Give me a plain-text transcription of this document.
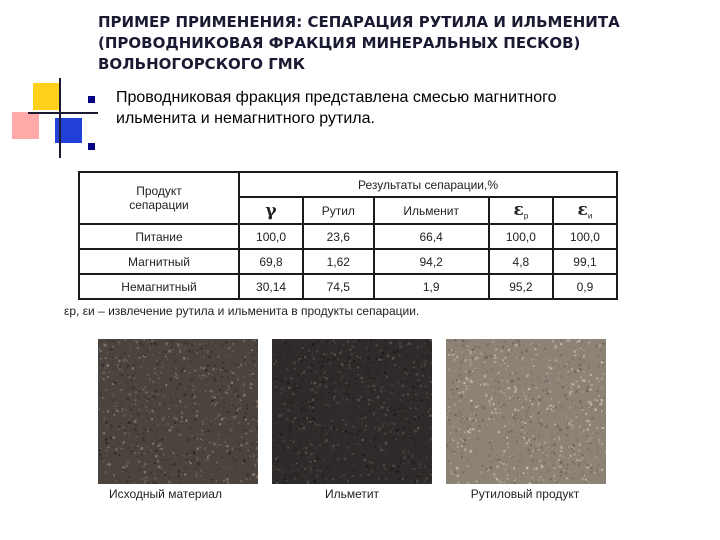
ПРИМЕР ПРИМЕНЕНИЯ: СЕПАРАЦИЯ РУТИЛА И ИЛЬМЕНИТА
(ПРОВОДНИКОВАЯ ФРАКЦИЯ МИНЕРАЛЬНЫХ ПЕСКОВ)
ВОЛЬНОГОРСКОГО ГМК
Проводниковая фракция представлена смесью магнитного
ильменита и немагнитного рутила.
Продукт
сепарации	Результаты сепарации,%				
	γ	Рутил	Ильменит	$\varepsilon_р$	$\varepsilon_и$
Питание	100,0	23,6	66,4	100,0	100,0
Магнитный	69,8	1,62	94,2	4,8	99,1
Немагнитный	30,14	74,5	1,9	95,2	0,9
εр, εи – извлечение рутила и ильменита в продукты сепарации.
Исходный материал	Ильметит	Рутиловый продукт
